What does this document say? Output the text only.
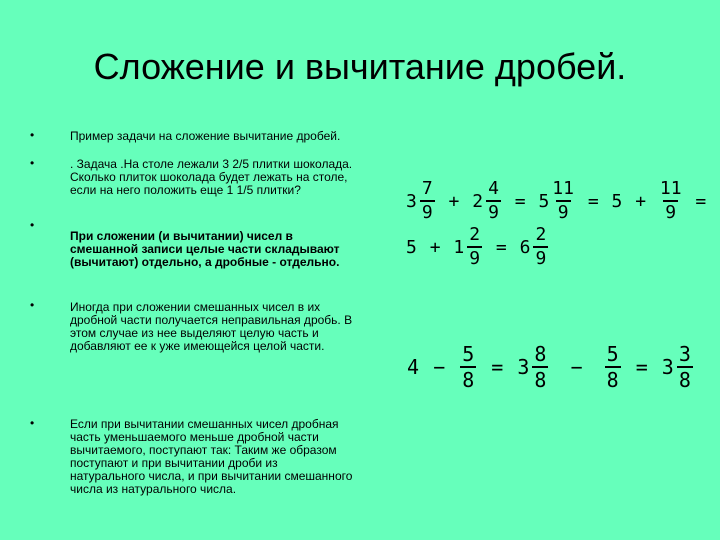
Сложение и вычитание дробей.
•	Пример задачи на сложение вычитание дробей.
•	. Задача .На столе лежали 3 2/5 плитки шоколада. Сколько плиток шоколада будет лежать на столе, если на него положить еще 1 1/5 плитки?
•
При сложении (и вычитании) чисел в смешанной записи целые части складывают (вычитают) отдельно, а дробные - отдельно.
•	Иногда при сложении смешанных чисел в их дробной части получается неправильная дробь. В этом случае из нее выделяют целую часть и добавляют ее к уже имеющейся целой части.
•	Если при вычитании смешанных чисел дробная часть уменьшаемого меньше дробной части вычитаемого, поступают так: Таким же образом поступают и при вычитании дроби из натурального числа, и при вычитании смешанного числа из натурального числа.
$3 \frac{7}{9} + 2 \frac{4}{9} = 5 \frac{11}{9} = 5 + \frac{11}{9} = 5 + 1 \frac{2}{9} = 6 \frac{2}{9}$
$4 - \frac{5}{8} = 3 \frac{8}{8} - \frac{5}{8} = 3 \frac{3}{8}$
